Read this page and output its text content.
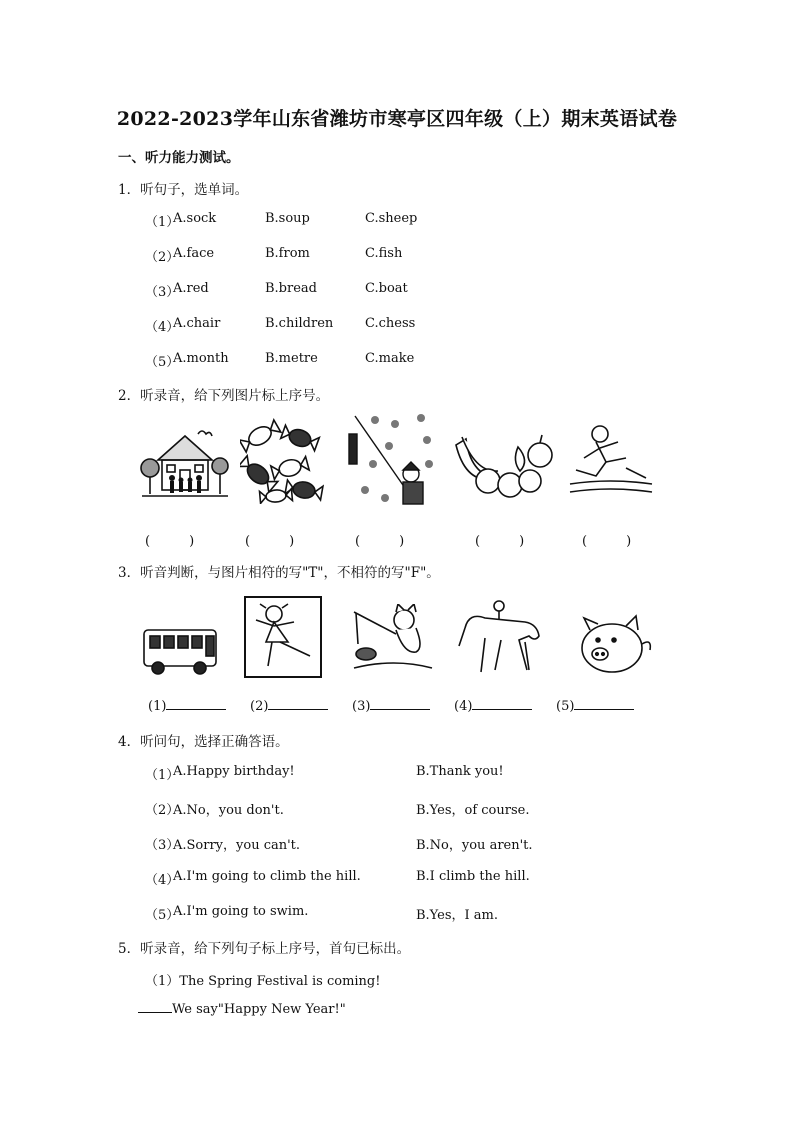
2022-2023学年山东省潍坊市寒亭区四年级（上）期末英语试卷
一、听力能力测试。
1．听句子，选单词。
（1）
A.sock	B.soup	C.sheep
（2）
A.face	B.from	C.fish
（3）
A.red	B.bread	C.boat
（4）
A.chair	B.children C.chess
（5）
A.month	B.metre	C.make
2．听录音，给下列图片标上序号。
(　　　)	(　　　)	(　　　)	(　　　)	(　　　)
3．听音判断，与图片相符的写"T"，不相符的写"F"。
(1)	(2)	(3)	(4)	(5)
4．听问句，选择正确答语。
（1）
A.Happy birthday!	B.Thank you!
（2）
A.No，you don't.	B.Yes，of course.
（3）
A.Sorry，you can't.	B.No，you aren't.
（4）
A.I'm going to climb the hill.	B.I climb the hill.
（5）
A.I'm going to swim.	B.Yes，I am.
5．听录音，给下列句子标上序号，首句已标出。
（1）The Spring Festival is coming!
We say"Happy New Year!"
